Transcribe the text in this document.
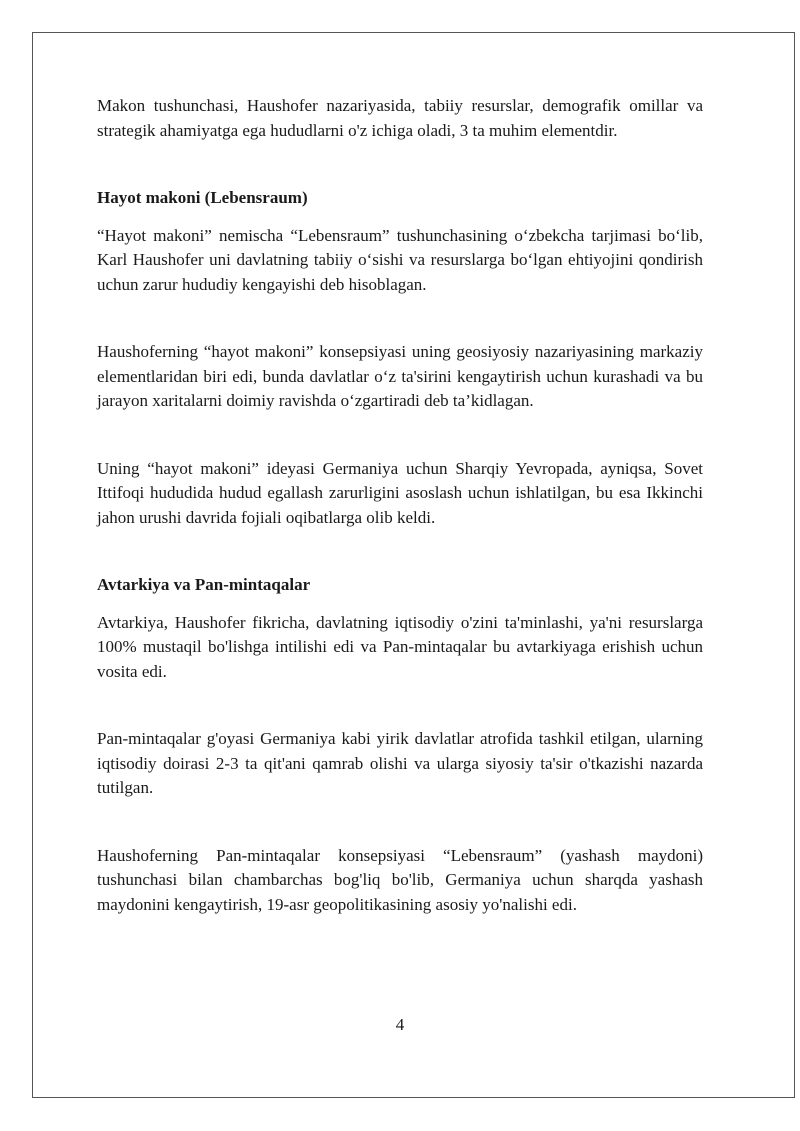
Makon tushunchasi, Haushofer nazariyasida, tabiiy resurslar, demografik omillar va strategik ahamiyatga ega hududlarni o'z ichiga oladi, 3 ta muhim elementdir.

Hayot makoni (Lebensraum)

“Hayot makoni” nemischa “Lebensraum” tushunchasining o‘zbekcha tarjimasi bo‘lib, Karl Haushofer uni davlatning tabiiy o‘sishi va resurslarga bo‘lgan ehtiyojini qondirish uchun zarur hududiy kengayishi deb hisoblagan.

Haushoferning “hayot makoni” konsepsiyasi uning geosiyosiy nazariyasining markaziy elementlaridan biri edi, bunda davlatlar o‘z ta'sirini kengaytirish uchun kurashadi va bu jarayon xaritalarni doimiy ravishda o‘zgartiradi deb ta’kidlagan.

Uning “hayot makoni” ideyasi Germaniya uchun Sharqiy Yevropada, ayniqsa, Sovet Ittifoqi hududida hudud egallash zarurligini asoslash uchun ishlatilgan, bu esa Ikkinchi jahon urushi davrida fojiali oqibatlarga olib keldi.

Avtarkiya va Pan-mintaqalar

Avtarkiya, Haushofer fikricha, davlatning iqtisodiy o'zini ta'minlashi, ya'ni resurslarga 100% mustaqil bo'lishga intilishi edi va Pan-mintaqalar bu avtarkiyaga erishish uchun vosita edi.

Pan-mintaqalar g'oyasi Germaniya kabi yirik davlatlar atrofida tashkil etilgan, ularning iqtisodiy doirasi 2-3 ta qit'ani qamrab olishi va ularga siyosiy ta'sir o'tkazishi nazarda tutilgan.

Haushoferning Pan-mintaqalar konsepsiyasi “Lebensraum” (yashash maydoni) tushunchasi bilan chambarchas bog'liq bo'lib, Germaniya uchun sharqda yashash maydonini kengaytirish, 19-asr geopolitikasining asosiy yo'nalishi edi.

4
